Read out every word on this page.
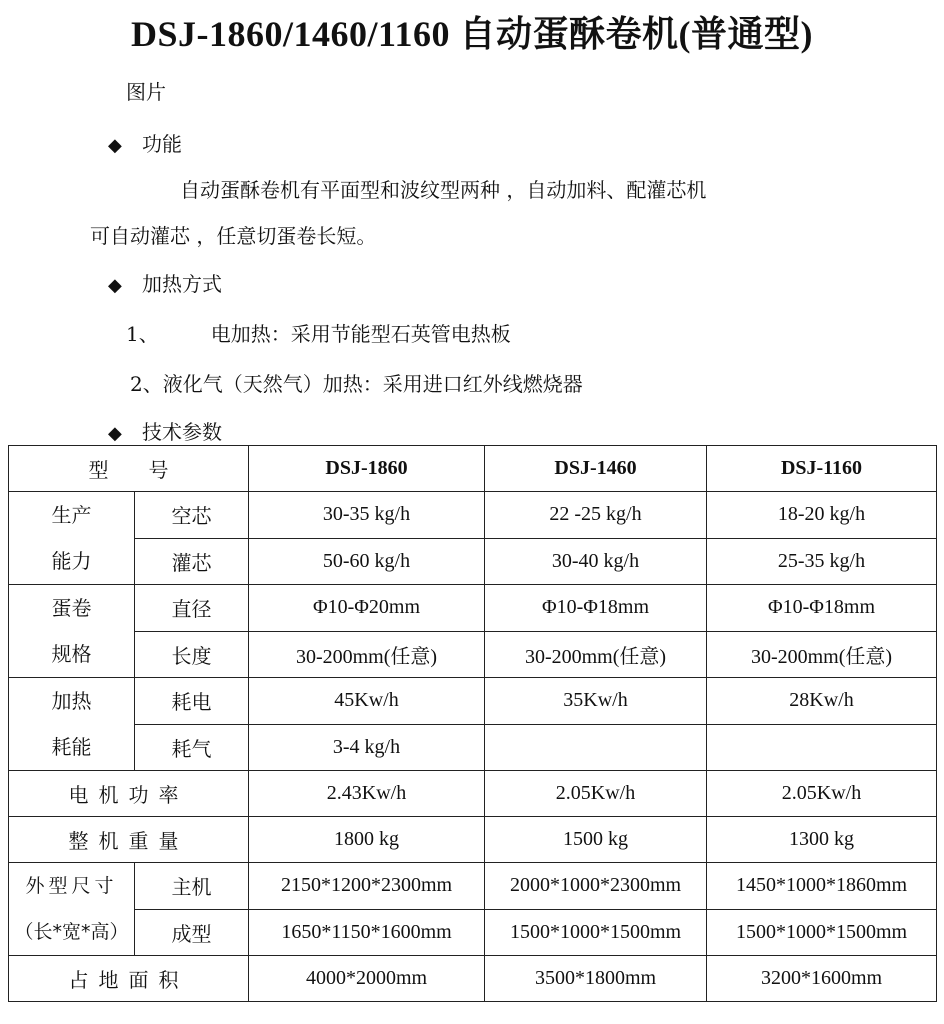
DSJ-1860/1460/1160 自动蛋酥卷机(普通型)
图片
◆ 功能
自动蛋酥卷机有平面型和波纹型两种 ，自动加料、配灌芯机
可自动灌芯 ，任意切蛋卷长短。
◆ 加热方式
1、	电加热：采用节能型石英管电热板
2、液化气（天然气）加热：采用进口红外线燃烧器
◆ 技术参数
型　　号		DSJ-1860	DSJ-1460	DSJ-1160

生产
能力	空芯	30-35 kg/h	22 -25 kg/h	18-20 kg/h
	灌芯	50-60 kg/h	30-40 kg/h	25-35 kg/h

蛋卷
规格	直径	Φ10-Φ20mm	Φ10-Φ18mm	Φ10-Φ18mm
	长度	30-200mm(任意)	30-200mm(任意)	30-200mm(任意)

加热
耗能	耗电	45Kw/h	35Kw/h	28Kw/h
	耗气	3-4 kg/h		
电机功率		2.43Kw/h	2.05Kw/h	2.05Kw/h
整机重量		1800 kg	1500 kg	1300 kg

外型尺寸
（长*宽*高）	主机	2150*1200*2300mm	2000*1000*2300mm	1450*1000*1860mm
	成型	1650*1150*1600mm	1500*1000*1500mm	1500*1000*1500mm
占地面积		4000*2000mm	3500*1800mm	3200*1600mm
